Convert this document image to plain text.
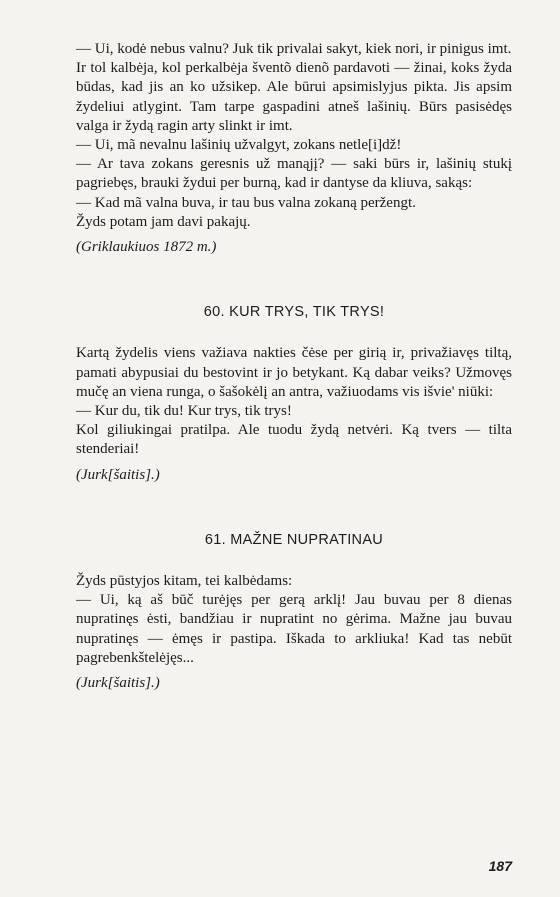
— Ui, kodė nebus valnu? Juk tik privalai sakyt, kiek nori, ir pinigus imt.

Ir tol kalbėja, kol perkalbėja šventõ dienõ pardavoti — žinai, koks žyda būdas, kad jis an ko užsikep. Ale būrui apsimislyjus pikta. Jis apsim žydeliui atlygint. Tam tarpe gaspadini atneš lašinių. Būrs pasisėdęs valga ir žydą ragin arty slinkt ir imt.

— Ui, mã nevalnu lašinių užvalgyt, zokans netle[i]dž!

— Ar tava zokans geresnis už manąjį? — saki būrs ir, lašinių stukį pagriebęs, brauki žydui per burną, kad ir dantyse da kliuva, sakąs:

— Kad mã valna buva, ir tau bus valna zokaną peržengt.

Žyds potam jam davi pakajų.

(Griklaukiuos 1872 m.)

60. KUR TRYS, TIK TRYS!

Kartą žydelis viens važiava nakties čėse per girią ir, privažiavęs tiltą, pamati abypusiai du bestovint ir jo betykant. Ką dabar veiks? Užmovęs mučę an viena runga, o šašokėlį an antra, važiuodams vis išvie' niūki:

— Kur du, tik du! Kur trys, tik trys!

Kol giliukingai pratilpa. Ale tuodu žydą netvėri. Ką tvers — tilta stenderiai!

(Jurk[šaitis].)

61. MAŽNE NUPRATINAU

Žyds pūstyjos kitam, tei kalbėdams:

— Ui, ką aš būč turėjęs per gerą arklį! Jau buvau per 8 dienas nupratinęs ėsti, bandžiau ir nupratint no gėrima. Mažne jau buvau nupratinęs — ėmęs ir pastipa. Iškada to arkliuka! Kad tas nebūt pagrebenkštelėjęs...

(Jurk[šaitis].)

187
